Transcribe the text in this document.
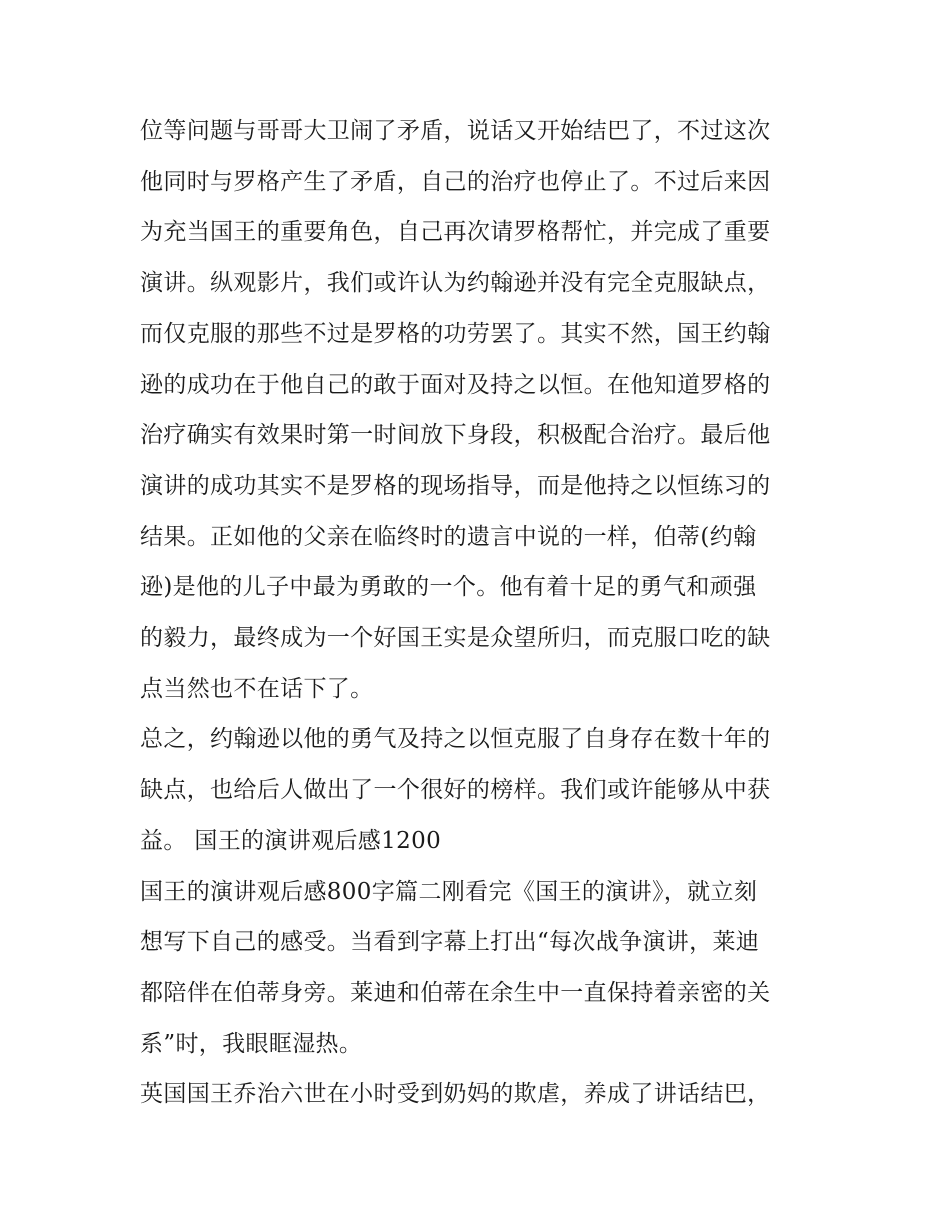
位等问题与哥哥大卫闹了矛盾，说话又开始结巴了，不过这次
他同时与罗格产生了矛盾，自己的治疗也停止了。不过后来因
为充当国王的重要角色，自己再次请罗格帮忙，并完成了重要
演讲。纵观影片，我们或许认为约翰逊并没有完全克服缺点，
而仅克服的那些不过是罗格的功劳罢了。其实不然，国王约翰
逊的成功在于他自己的敢于面对及持之以恒。在他知道罗格的
治疗确实有效果时第一时间放下身段，积极配合治疗。最后他
演讲的成功其实不是罗格的现场指导，而是他持之以恒练习的
结果。正如他的父亲在临终时的遗言中说的一样，伯蒂(约翰
逊)是他的儿子中最为勇敢的一个。他有着十足的勇气和顽强
的毅力，最终成为一个好国王实是众望所归，而克服口吃的缺
点当然也不在话下了。

总之，约翰逊以他的勇气及持之以恒克服了自身存在数十年的
缺点，也给后人做出了一个很好的榜样。我们或许能够从中获
益。 国王的演讲观后感1200

国王的演讲观后感800字篇二刚看完《国王的演讲》，就立刻
想写下自己的感受。当看到字幕上打出“每次战争演讲，莱迪
都陪伴在伯蒂身旁。莱迪和伯蒂在余生中一直保持着亲密的关
系”时，我眼眶湿热。

英国国王乔治六世在小时受到奶妈的欺虐，养成了讲话结巴，
